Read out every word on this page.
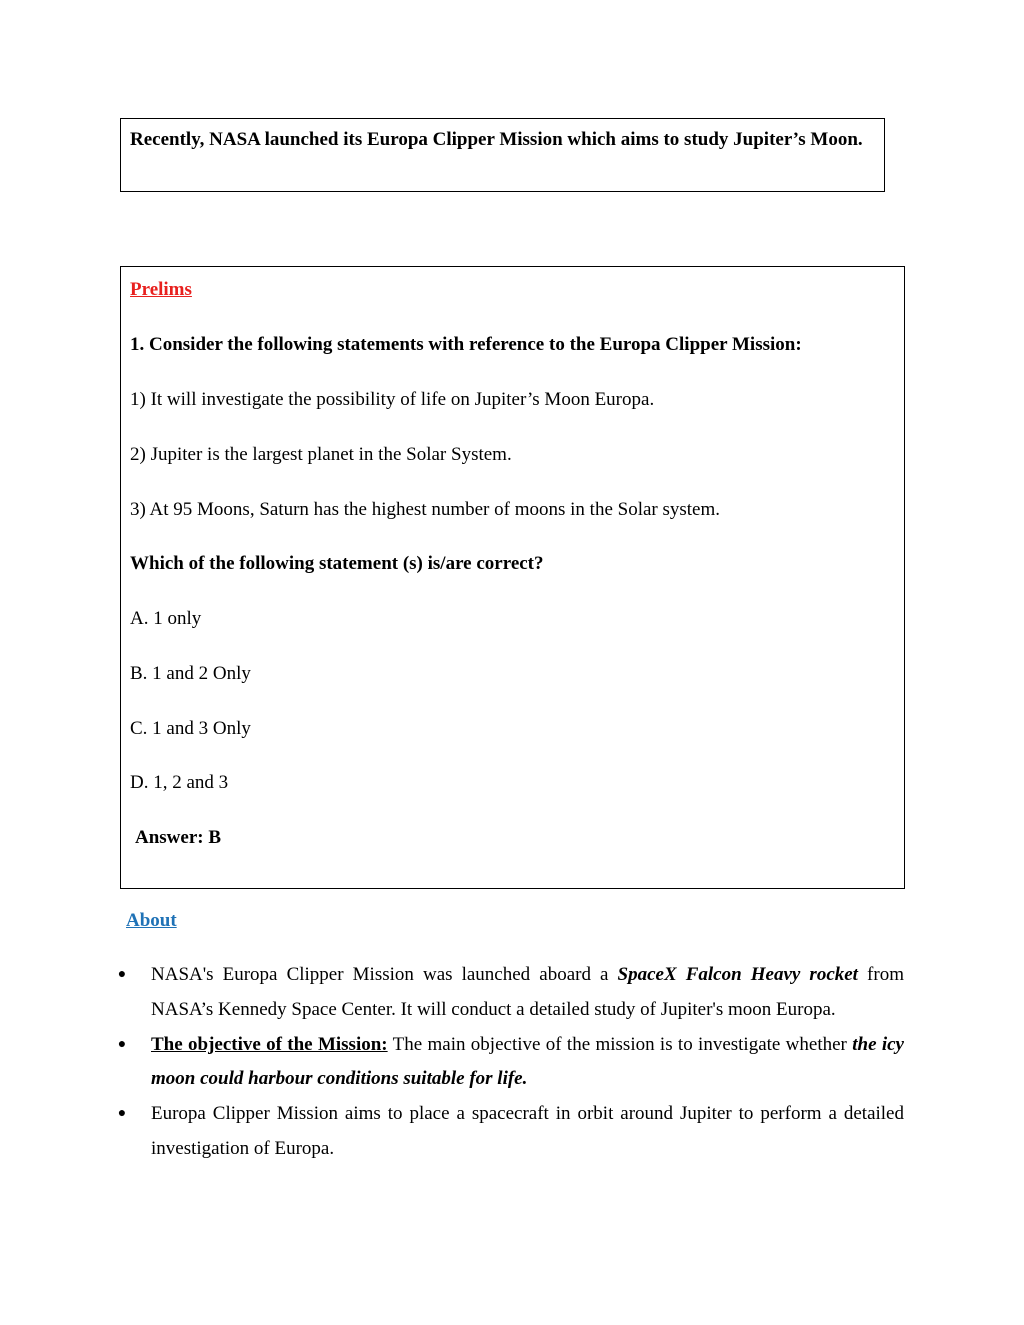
Recently, NASA launched its Europa Clipper Mission which aims to study Jupiter’s Moon.
Prelims
1. Consider the following statements with reference to the Europa Clipper Mission:
1) It will investigate the possibility of life on Jupiter’s Moon Europa.
2) Jupiter is the largest planet in the Solar System.
3) At 95 Moons, Saturn has the highest number of moons in the Solar system.
Which of the following statement (s) is/are correct?
A. 1 only
B. 1 and 2 Only
C. 1 and 3 Only
D. 1, 2 and 3
Answer: B
About
●	NASA's Europa Clipper Mission was launched aboard a SpaceX Falcon Heavy rocket from NASA’s Kennedy Space Center. It will conduct a detailed study of Jupiter's moon Europa.
●	The objective of the Mission: The main objective of the mission is to investigate whether the icy moon could harbour conditions suitable for life.
●	Europa Clipper Mission aims to place a spacecraft in orbit around Jupiter to perform a detailed investigation of Europa.
